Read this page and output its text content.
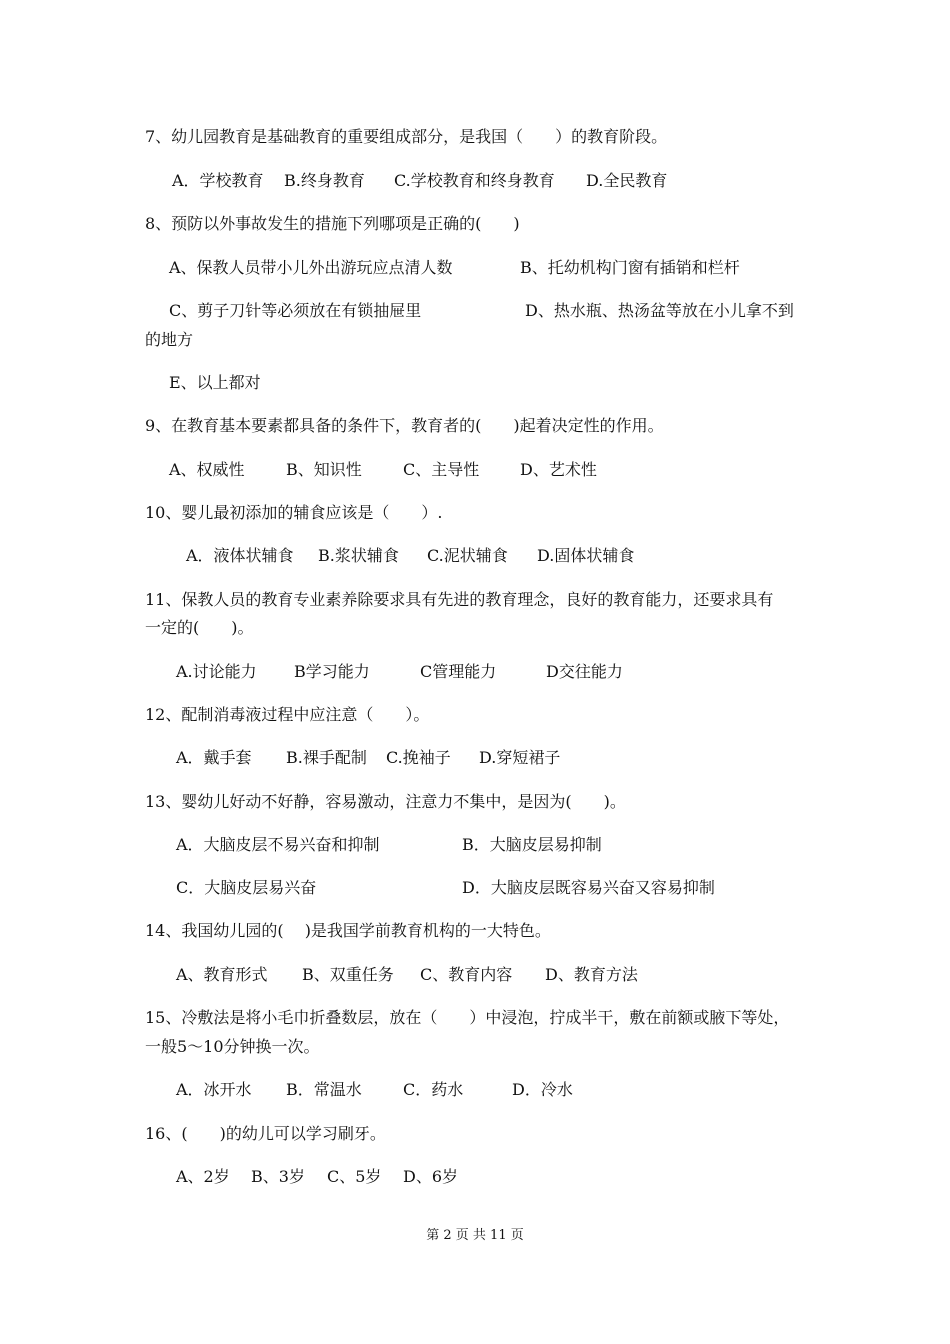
7、幼儿园教育是基础教育的重要组成部分，是我国（　　）的教育阶段。
A．学校教育 B.终身教育 C.学校教育和终身教育 D.全民教育
8、预防以外事故发生的措施下列哪项是正确的(　　)
A、保教人员带小儿外出游玩应点清人数	B、托幼机构门窗有插销和栏杆
C、剪子刀针等必须放在有锁抽屉里	D、热水瓶、热汤盆等放在小儿拿不到
的地方
E、以上都对
9、在教育基本要素都具备的条件下，教育者的(　　)起着决定性的作用。
A、权威性	B、知识性	C、主导性	D、艺术性
10、婴儿最初添加的辅食应该是（　　）.
A．液体状辅食 B.浆状辅食 C.泥状辅食 D.固体状辅食
11、保教人员的教育专业素养除要求具有先进的教育理念，良好的教育能力，还要求具有
一定的(　　)。
A.讨论能力 B学习能力	C管理能力	D交往能力
12、配制消毒液过程中应注意（　　）。
A．戴手套 B.裸手配制 C.挽袖子 D.穿短裙子
13、婴幼儿好动不好静，容易激动，注意力不集中，是因为(　　)。
A．大脑皮层不易兴奋和抑制	B．大脑皮层易抑制
C．大脑皮层易兴奋	D．大脑皮层既容易兴奋又容易抑制
14、我国幼儿园的(　 )是我国学前教育机构的一大特色。
A、教育形式 B、双重任务 C、教育内容 D、教育方法
15、冷敷法是将小毛巾折叠数层，放在（　　）中浸泡，拧成半干，敷在前额或腋下等处，
一般5～10分钟换一次。
A．冰开水 B．常温水	C．药水	D．冷水
16、(　　)的幼儿可以学习刷牙。
A、2岁 B、3岁 C、5岁 D、6岁
第 2 页 共 11 页
